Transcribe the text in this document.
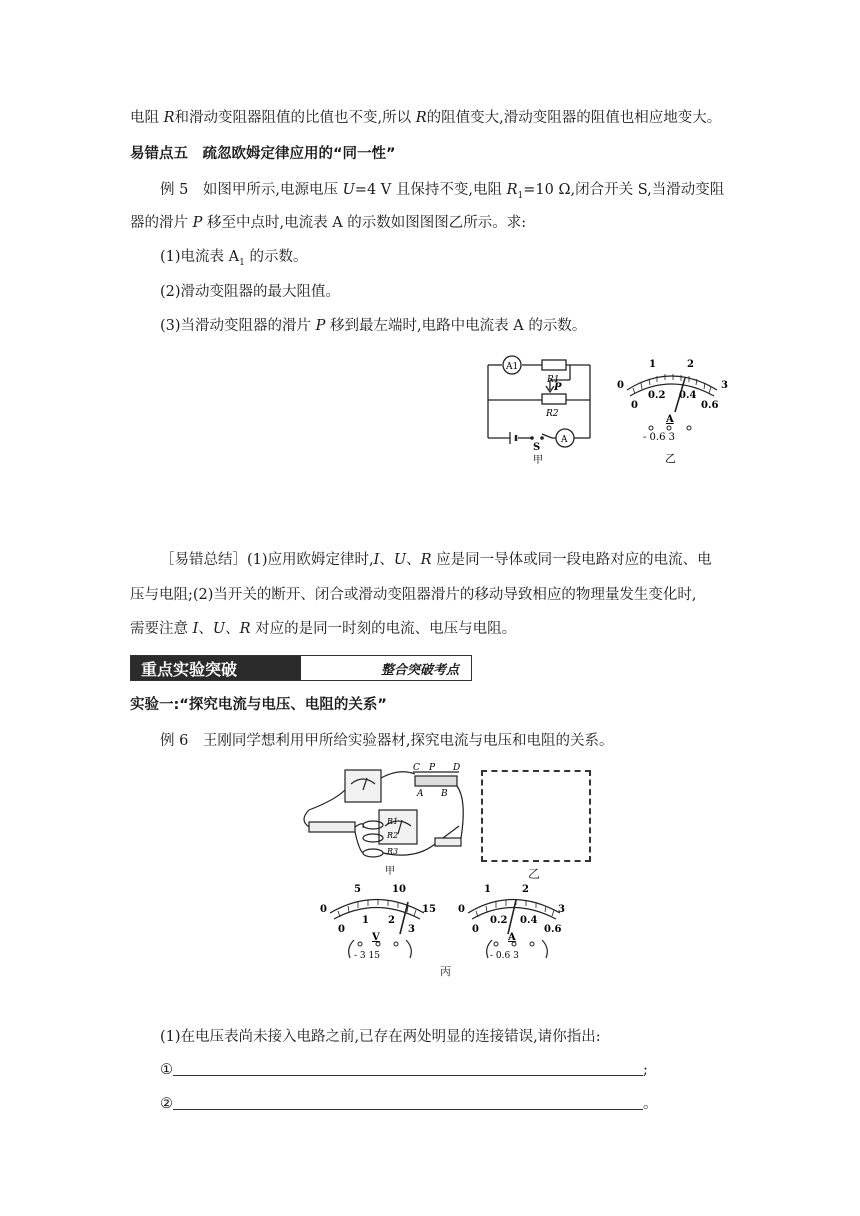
电阻 R和滑动变阻器阻值的比值也不变,所以 R的阻值变大,滑动变阻器的阻值也相应地变大。
易错点五　 疏忽欧姆定律应用的“同一性”
例 5　如图甲所示,电源电压 U=4 V 且保持不变,电阻 $R_1=10$ Ω,闭合开关 S,当滑动变阻
器的滑片 P 移至中点时,电流表 A 的示数如图图图乙所示。求:
(1)电流表 $A_1$ 的示数。
(2)滑动变阻器的最大阻值。
(3)当滑动变阻器的滑片 P 移到最左端时,电路中电流表 A 的示数。
A1
R1
P
R2
S
A
甲
0
1	2
3
0
0.2 0.4
0.6
A
- 0.6 3
乙
［易错总结］(1)应用欧姆定律时,I、U、R 应是同一导体或同一段电路对应的电流、电
压与电阻;(2)当开关的断开、闭合或滑动变阻器滑片的移动导致相应的物理量发生变化时,
需要注意 I、U、R 对应的是同一时刻的电流、电压与电阻。
重点实验突破	整合突破考点
实验一:“探究电流与电压、电阻的关系”
例 6　王刚同学想利用甲所给实验器材,探究电流与电压和电阻的关系。
C P D
A B
R1
R2
R3
甲	乙
0
5	10
15
0
1 2
3
V
- 3 15
0
1	2
3
0
0.2 0.4
0.6
A
- 0.6 3
丙
(1)在电压表尚未接入电路之前,已存在两处明显的连接错误,请你指出:
①	;
②	。
